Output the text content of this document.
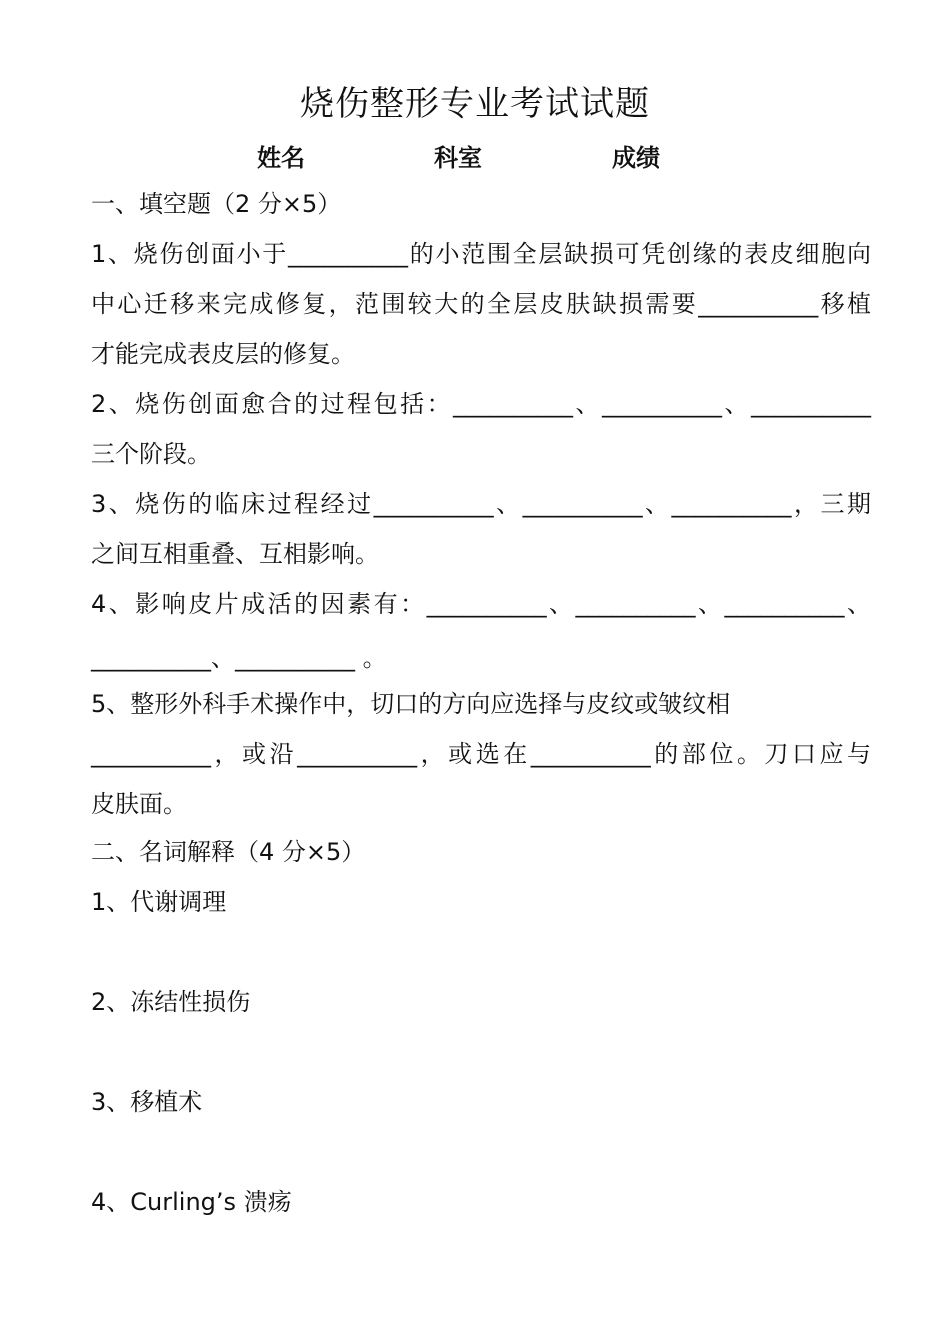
烧伤整形专业考试试题
姓名	科室	成绩
一、填空题（2 分×5）
1、烧伤创面小于__________的小范围全层缺损可凭创缘的表皮细胞向
中心迁移来完成修复，范围较大的全层皮肤缺损需要__________移植
才能完成表皮层的修复。
2、烧伤创面愈合的过程包括：__________、__________、__________
三个阶段。
3、烧伤的临床过程经过__________、__________、__________，三期
之间互相重叠、互相影响。
4、影响皮片成活的因素有：__________、__________、__________、
__________、__________ 。
5、整形外科手术操作中，切口的方向应选择与皮纹或皱纹相
__________，或沿__________，或选在__________的部位。刀口应与
皮肤面。
二、名词解释（4 分×5）
1、代谢调理
2、冻结性损伤
3、移植术
4、Curling’s 溃疡
